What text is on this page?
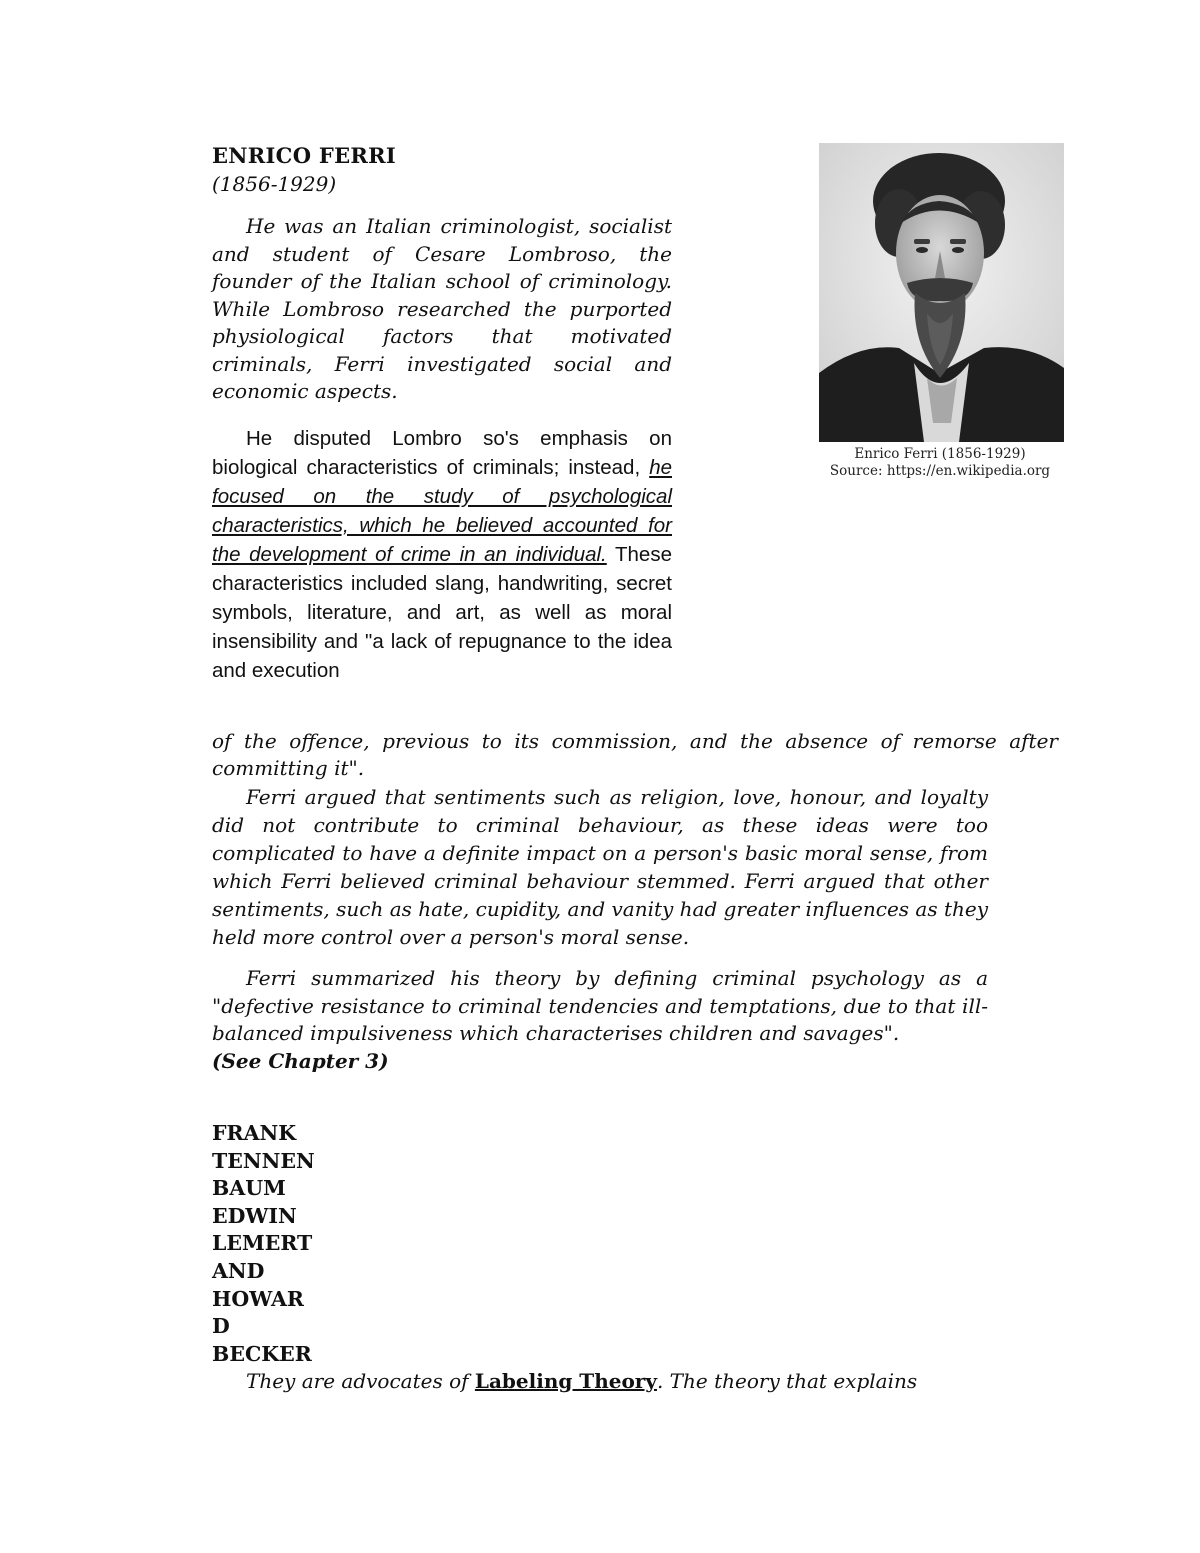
ENRICO FERRI
(1856-1929)

He was an Italian criminologist, socialist and student of Cesare Lombroso, the founder of the Italian school of criminology. While Lombroso researched the purported physiological factors that motivated criminals, Ferri investigated social and economic aspects.

He disputed Lombro so's emphasis on biological characteristics of criminals; instead, he focused on the study of psychological characteristics, which he believed accounted for the development of crime in an individual. These characteristics included slang, handwriting, secret symbols, literature, and art, as well as moral insensibility and "a lack of repugnance to the idea and execution

Enrico Ferri (1856-1929)
Source: https://en.wikipedia.org
of the offence, previous to its commission, and the absence of remorse after committing it".

Ferri argued that sentiments such as religion, love, honour, and loyalty did not contribute to criminal behaviour, as these ideas were too complicated to have a definite impact on a person's basic moral sense, from which Ferri believed criminal behaviour stemmed. Ferri argued that other sentiments, such as hate, cupidity, and vanity had greater influences as they held more control over a person's moral sense.

Ferri summarized his theory by defining criminal psychology as a "defective resistance to criminal tendencies and temptations, due to that ill-balanced impulsiveness which characterises children and savages".
(See Chapter 3)

FRANK
TENNEN
BAUM
EDWIN
LEMERT
AND
HOWAR
D
BECKER

They are advocates of Labeling Theory. The theory that explains
